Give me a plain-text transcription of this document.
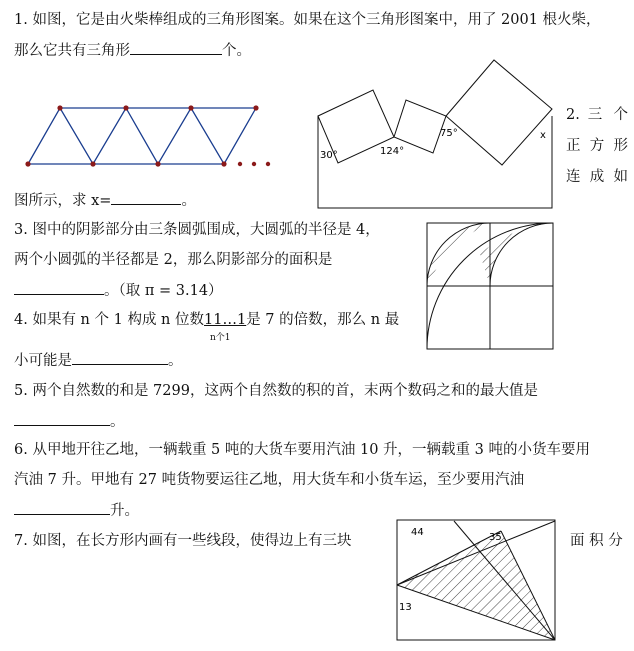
1. 如图，它是由火柴棒组成的三角形图案。如果在这个三角形图案中，用了 2001 根火柴，
那么它共有三角形	个。
30°	124°
75°	x
2. 三 个
正 方 形
连 成 如
图所示，求 x=	。
3. 图中的阴影部分由三条圆弧围成，大圆弧的半径是 4，
两个小圆弧的半径都是 2，那么阴影部分的面积是
。（取 π = 3.14）
4. 如果有 n 个 1 构成 n 位数11…1
n个1
是 7 的倍数，那么 n 最
小可能是	。
5. 两个自然数的和是 7299，这两个自然数的积的首，末两个数码之和的最大值是
。
6. 从甲地开往乙地，一辆载重 5 吨的大货车要用汽油 10 升，一辆载重 3 吨的小货车要用
汽油 7 升。甲地有 27 吨货物要运往乙地，用大货车和小货车运，至少要用汽油
升。
7. 如图，在长方形内画有一些线段，使得边上有三块	面 积 分
44	35
13
